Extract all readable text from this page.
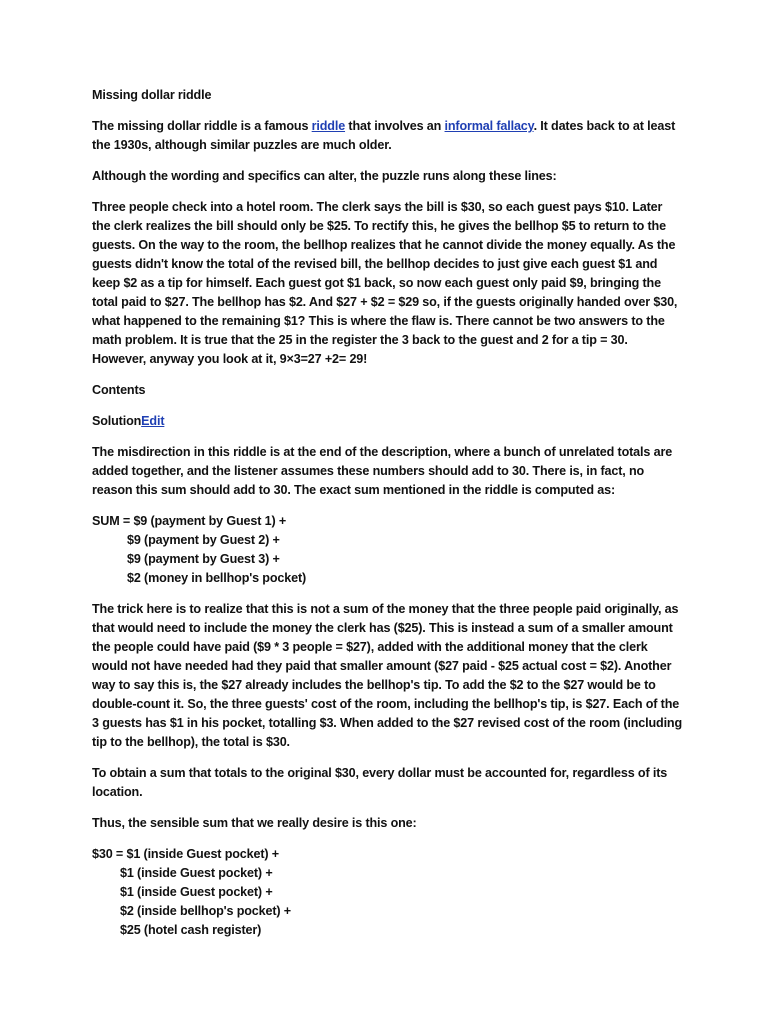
Missing dollar riddle

The missing dollar riddle is a famous riddle that involves an informal fallacy. It dates back to at least the 1930s, although similar puzzles are much older.

Although the wording and specifics can alter, the puzzle runs along these lines:

Three people check into a hotel room. The clerk says the bill is $30, so each guest pays $10. Later the clerk realizes the bill should only be $25. To rectify this, he gives the bellhop $5 to return to the guests. On the way to the room, the bellhop realizes that he cannot divide the money equally. As the guests didn't know the total of the revised bill, the bellhop decides to just give each guest $1 and keep $2 as a tip for himself. Each guest got $1 back, so now each guest only paid $9, bringing the total paid to $27. The bellhop has $2. And $27 + $2 = $29 so, if the guests originally handed over $30, what happened to the remaining $1? This is where the flaw is. There cannot be two answers to the math problem. It is true that the 25 in the register the 3 back to the guest and 2 for a tip = 30. However, anyway you look at it, 9×3=27 +2= 29!

Contents

SolutionEdit

The misdirection in this riddle is at the end of the description, where a bunch of unrelated totals are added together, and the listener assumes these numbers should add to 30. There is, in fact, no reason this sum should add to 30. The exact sum mentioned in the riddle is computed as:

SUM = $9 (payment by Guest 1) +
$9 (payment by Guest 2) +
$9 (payment by Guest 3) +
$2 (money in bellhop's pocket)

The trick here is to realize that this is not a sum of the money that the three people paid originally, as that would need to include the money the clerk has ($25). This is instead a sum of a smaller amount the people could have paid ($9 * 3 people = $27), added with the additional money that the clerk would not have needed had they paid that smaller amount ($27 paid - $25 actual cost = $2). Another way to say this is, the $27 already includes the bellhop's tip. To add the $2 to the $27 would be to double-count it. So, the three guests' cost of the room, including the bellhop's tip, is $27. Each of the 3 guests has $1 in his pocket, totalling $3. When added to the $27 revised cost of the room (including tip to the bellhop), the total is $30.

To obtain a sum that totals to the original $30, every dollar must be accounted for, regardless of its location.

Thus, the sensible sum that we really desire is this one:

$30 = $1 (inside Guest pocket) +
$1 (inside Guest pocket) +
$1 (inside Guest pocket) +
$2 (inside bellhop's pocket) +
$25 (hotel cash register)
